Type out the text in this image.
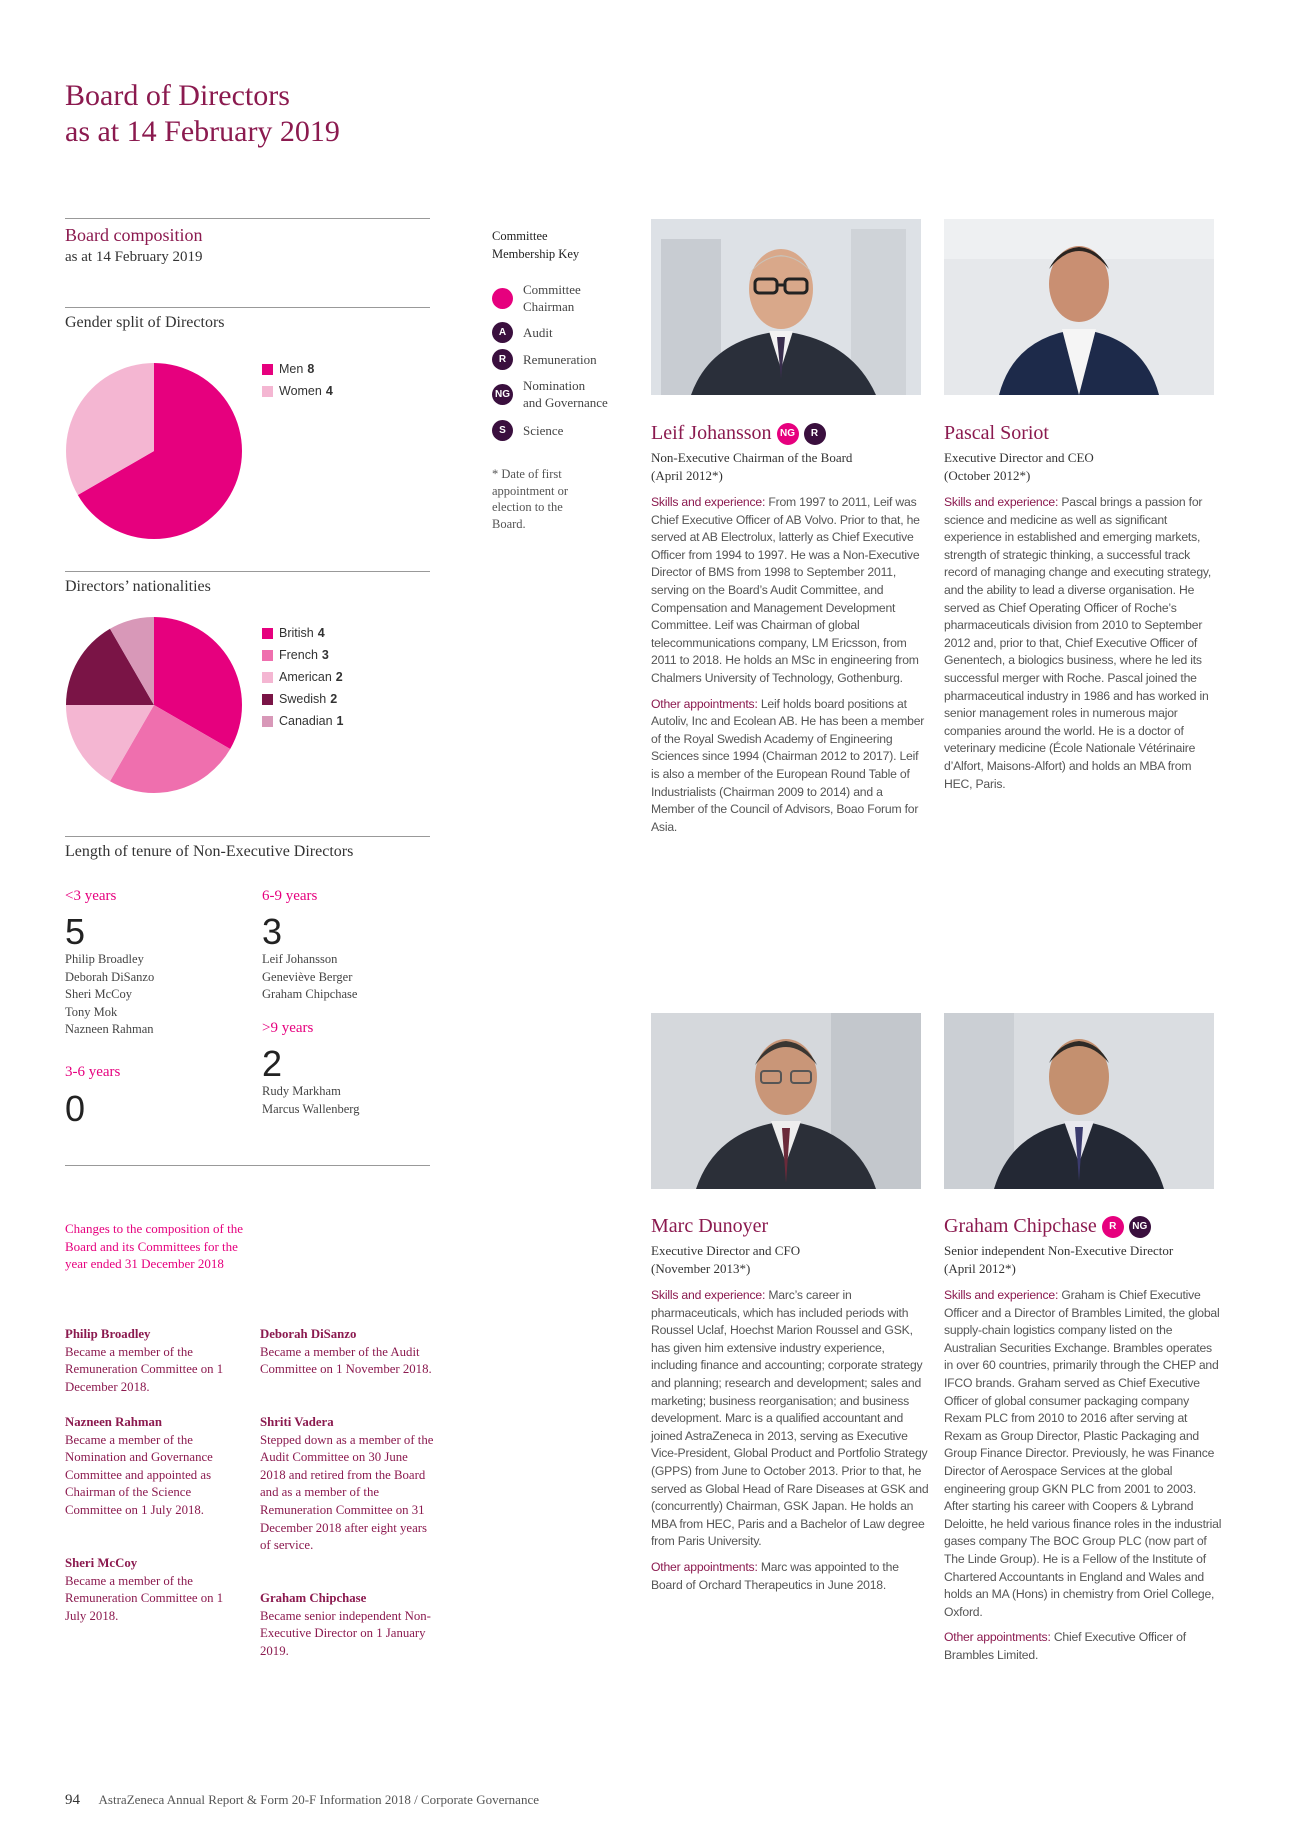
Board of Directors
as at 14 February 2019
Board composition
as at 14 February 2019
Gender split of Directors
Men 8
Women 4
Directors’ nationalities
British 4
French 3
American 2
Swedish 2
Canadian 1
Length of tenure of Non-Executive Directors
<3 years
5
Philip Broadley
Deborah DiSanzo
Sheri McCoy
Tony Mok
Nazneen Rahman
3-6 years
0
6-9 years
3
Leif Johansson
Geneviève Berger
Graham Chipchase
>9 years
2
Rudy Markham
Marcus Wallenberg
Changes to the composition of the Board and its Committees for the year ended 31 December 2018
Philip Broadley
Became a member of the Remuneration Committee on 1 December 2018.
Nazneen Rahman
Became a member of the Nomination and Governance Committee and appointed as Chairman of the Science Committee on 1 July 2018.
Sheri McCoy
Became a member of the Remuneration Committee on 1 July 2018.
Deborah DiSanzo
Became a member of the Audit Committee on 1 November 2018.
Shriti Vadera
Stepped down as a member of the Audit Committee on 30 June 2018 and retired from the Board and as a member of the Remuneration Committee on 31 December 2018 after eight years of service.
Graham Chipchase
Became senior independent Non-Executive Director on 1 January 2019.
Committee
Membership Key
Committee
Chairman
A	Audit
R	Remuneration
NG
Nomination
and Governance
S	Science
* Date of first appointment or election to the Board.
Leif Johansson NG	R
Non-Executive Chairman of the Board
(April 2012*)

Skills and experience: From 1997 to 2011, Leif was Chief Executive Officer of AB Volvo. Prior to that, he served at AB Electrolux, latterly as Chief Executive Officer from 1994 to 1997. He was a Non-Executive Director of BMS from 1998 to September 2011, serving on the Board’s Audit Committee, and Compensation and Management Development Committee. Leif was Chairman of global telecommunications company, LM Ericsson, from 2011 to 2018. He holds an MSc in engineering from Chalmers University of Technology, Gothenburg.

Other appointments: Leif holds board positions at Autoliv, Inc and Ecolean AB. He has been a member of the Royal Swedish Academy of Engineering Sciences since 1994 (Chairman 2012 to 2017). Leif is also a member of the European Round Table of Industrialists (Chairman 2009 to 2014) and a Member of the Council of Advisors, Boao Forum for Asia.

Pascal Soriot
Executive Director and CEO
(October 2012*)

Skills and experience: Pascal brings a passion for science and medicine as well as significant experience in established and emerging markets, strength of strategic thinking, a successful track record of managing change and executing strategy, and the ability to lead a diverse organisation. He served as Chief Operating Officer of Roche’s pharmaceuticals division from 2010 to September 2012 and, prior to that, Chief Executive Officer of Genentech, a biologics business, where he led its successful merger with Roche. Pascal joined the pharmaceutical industry in 1986 and has worked in senior management roles in numerous major companies around the world. He is a doctor of veterinary medicine (École Nationale Vétérinaire d’Alfort, Maisons-Alfort) and holds an MBA from HEC, Paris.

Marc Dunoyer
Executive Director and CFO
(November 2013*)

Skills and experience: Marc’s career in pharmaceuticals, which has included periods with Roussel Uclaf, Hoechst Marion Roussel and GSK, has given him extensive industry experience, including finance and accounting; corporate strategy and planning; research and development; sales and marketing; business reorganisation; and business development. Marc is a qualified accountant and joined AstraZeneca in 2013, serving as Executive Vice-President, Global Product and Portfolio Strategy (GPPS) from June to October 2013. Prior to that, he served as Global Head of Rare Diseases at GSK and (concurrently) Chairman, GSK Japan. He holds an MBA from HEC, Paris and a Bachelor of Law degree from Paris University.

Other appointments: Marc was appointed to the Board of Orchard Therapeutics in June 2018.

Graham Chipchase	R	NG
Senior independent Non-Executive Director
(April 2012*)

Skills and experience: Graham is Chief Executive Officer and a Director of Brambles Limited, the global supply-chain logistics company listed on the Australian Securities Exchange. Brambles operates in over 60 countries, primarily through the CHEP and IFCO brands. Graham served as Chief Executive Officer of global consumer packaging company Rexam PLC from 2010 to 2016 after serving at Rexam as Group Director, Plastic Packaging and Group Finance Director. Previously, he was Finance Director of Aerospace Services at the global engineering group GKN PLC from 2001 to 2003. After starting his career with Coopers & Lybrand Deloitte, he held various finance roles in the industrial gases company The BOC Group PLC (now part of The Linde Group). He is a Fellow of the Institute of Chartered Accountants in England and Wales and holds an MA (Hons) in chemistry from Oriel College, Oxford.

Other appointments: Chief Executive Officer of Brambles Limited.

94 AstraZeneca Annual Report & Form 20-F Information 2018 / Corporate Governance
